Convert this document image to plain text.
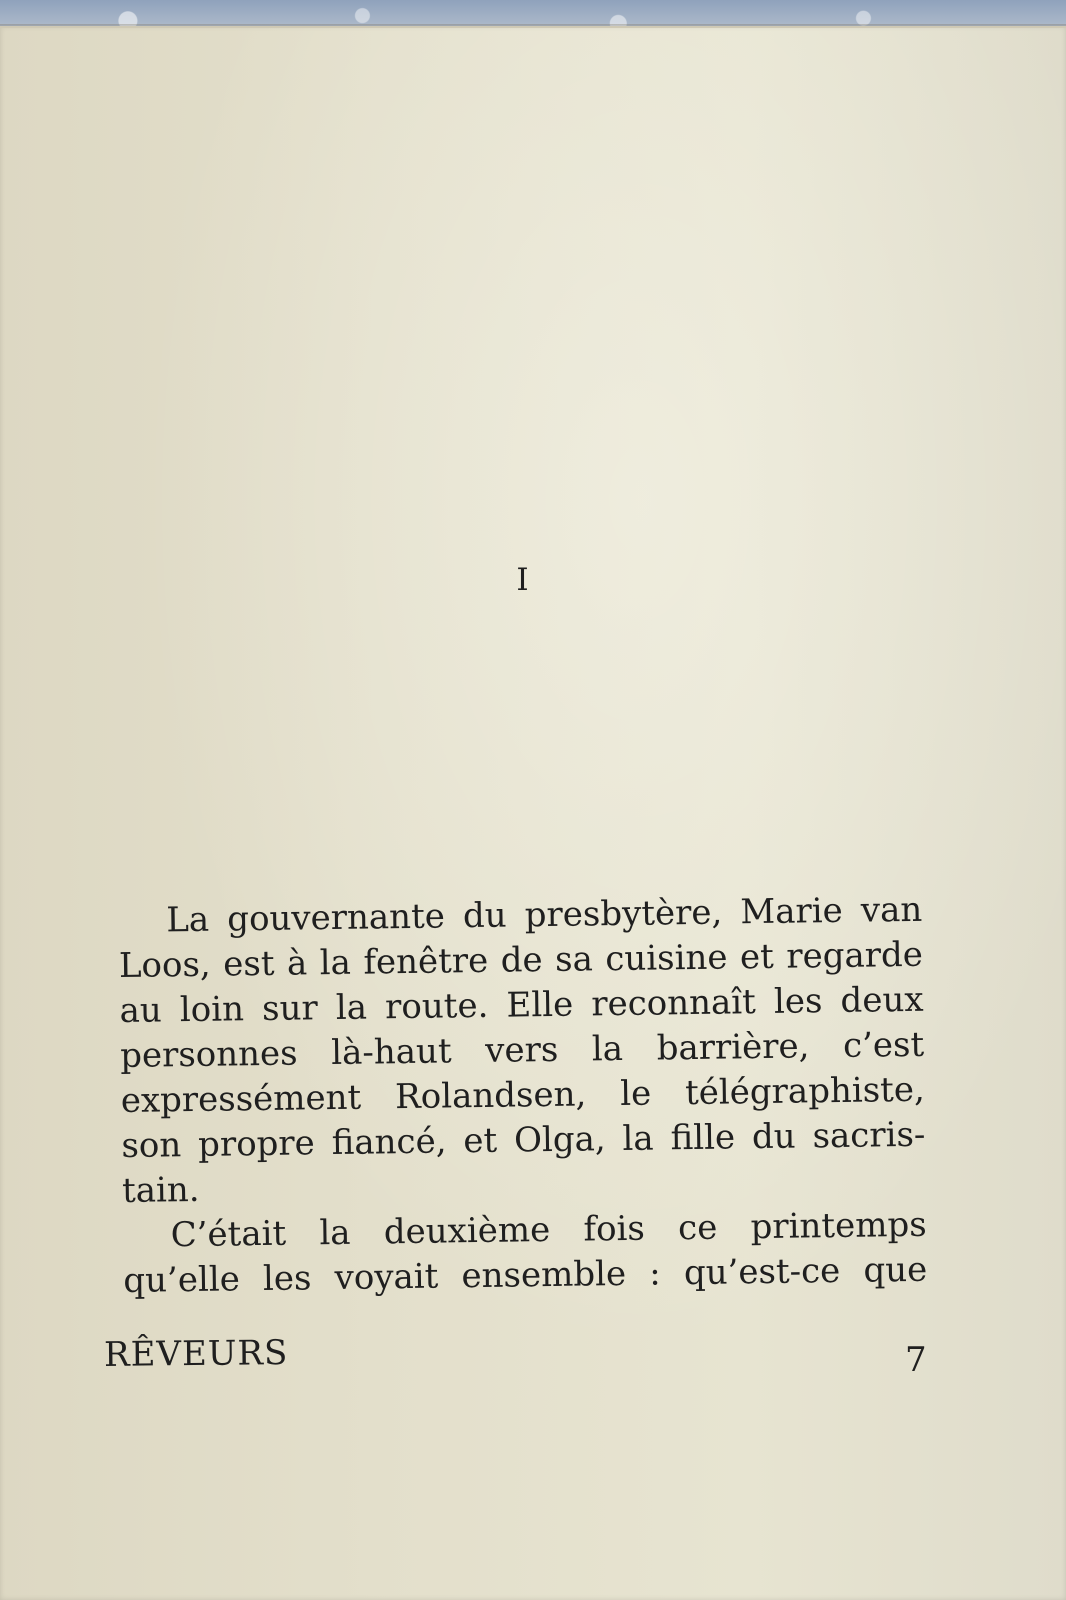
I
La gouvernante du presbytère, Marie van
Loos, est à la fenêtre de sa cuisine et regarde
au loin sur la route. Elle reconnaît les deux
personnes là-haut vers la barrière, c’est
expressément Rolandsen, le télégraphiste,
son propre fiancé, et Olga, la fille du sacris-
tain.
C’était la deuxième fois ce printemps
qu’elle les voyait ensemble : qu’est-ce que
RÊVEURS	7
